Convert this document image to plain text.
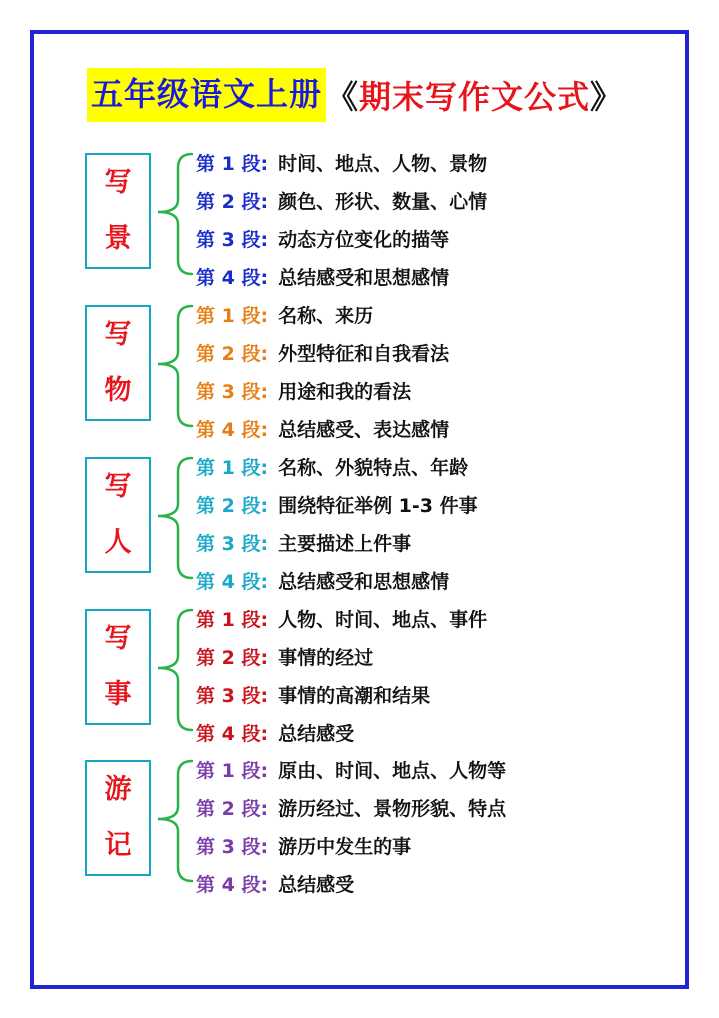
五年级语文上册 《 期末写作文公式 》
写
景
第 1 段: 时间、地点、人物、景物
第 2 段: 颜色、形状、数量、心情
第 3 段: 动态方位变化的描等
第 4 段: 总结感受和思想感情
写
物
第 1 段: 名称、来历
第 2 段: 外型特征和自我看法
第 3 段: 用途和我的看法
第 4 段: 总结感受、表达感情
写
人
第 1 段: 名称、外貌特点、年龄
第 2 段: 围绕特征举例 1-3 件事
第 3 段: 主要描述上件事
第 4 段: 总结感受和思想感情
写
事
第 1 段: 人物、时间、地点、事件
第 2 段: 事情的经过
第 3 段: 事情的高潮和结果
第 4 段: 总结感受
游
记
第 1 段: 原由、时间、地点、人物等
第 2 段: 游历经过、景物形貌、特点
第 3 段: 游历中发生的事
第 4 段: 总结感受
